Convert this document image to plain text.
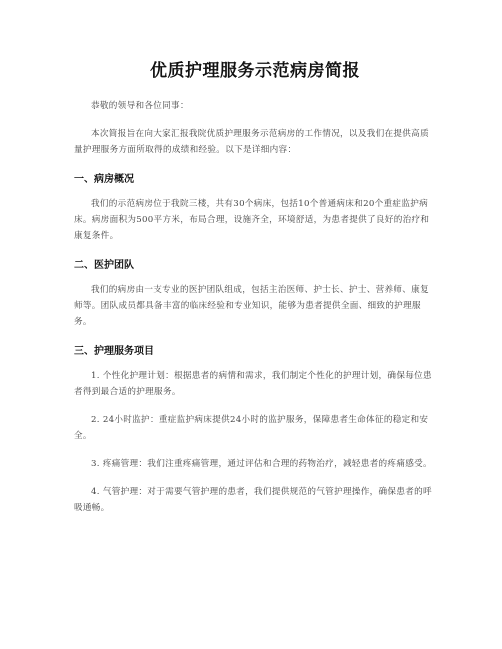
优质护理服务示范病房简报

恭敬的领导和各位同事：

本次简报旨在向大家汇报我院优质护理服务示范病房的工作情况，以及我们在提供高质量护理服务方面所取得的成绩和经验。以下是详细内容：

一、病房概况

我们的示范病房位于我院三楼，共有30个病床，包括10个普通病床和20个重症监护病床。病房面积为500平方米，布局合理，设施齐全，环境舒适，为患者提供了良好的治疗和康复条件。

二、医护团队

我们的病房由一支专业的医护团队组成，包括主治医师、护士长、护士、营养师、康复师等。团队成员都具备丰富的临床经验和专业知识，能够为患者提供全面、细致的护理服务。

三、护理服务项目

1. 个性化护理计划：根据患者的病情和需求，我们制定个性化的护理计划，确保每位患者得到最合适的护理服务。

2. 24小时监护：重症监护病床提供24小时的监护服务，保障患者生命体征的稳定和安全。

3. 疼痛管理：我们注重疼痛管理，通过评估和合理的药物治疗，减轻患者的疼痛感受。

4. 气管护理：对于需要气管护理的患者，我们提供规范的气管护理操作，确保患者的呼吸通畅。
